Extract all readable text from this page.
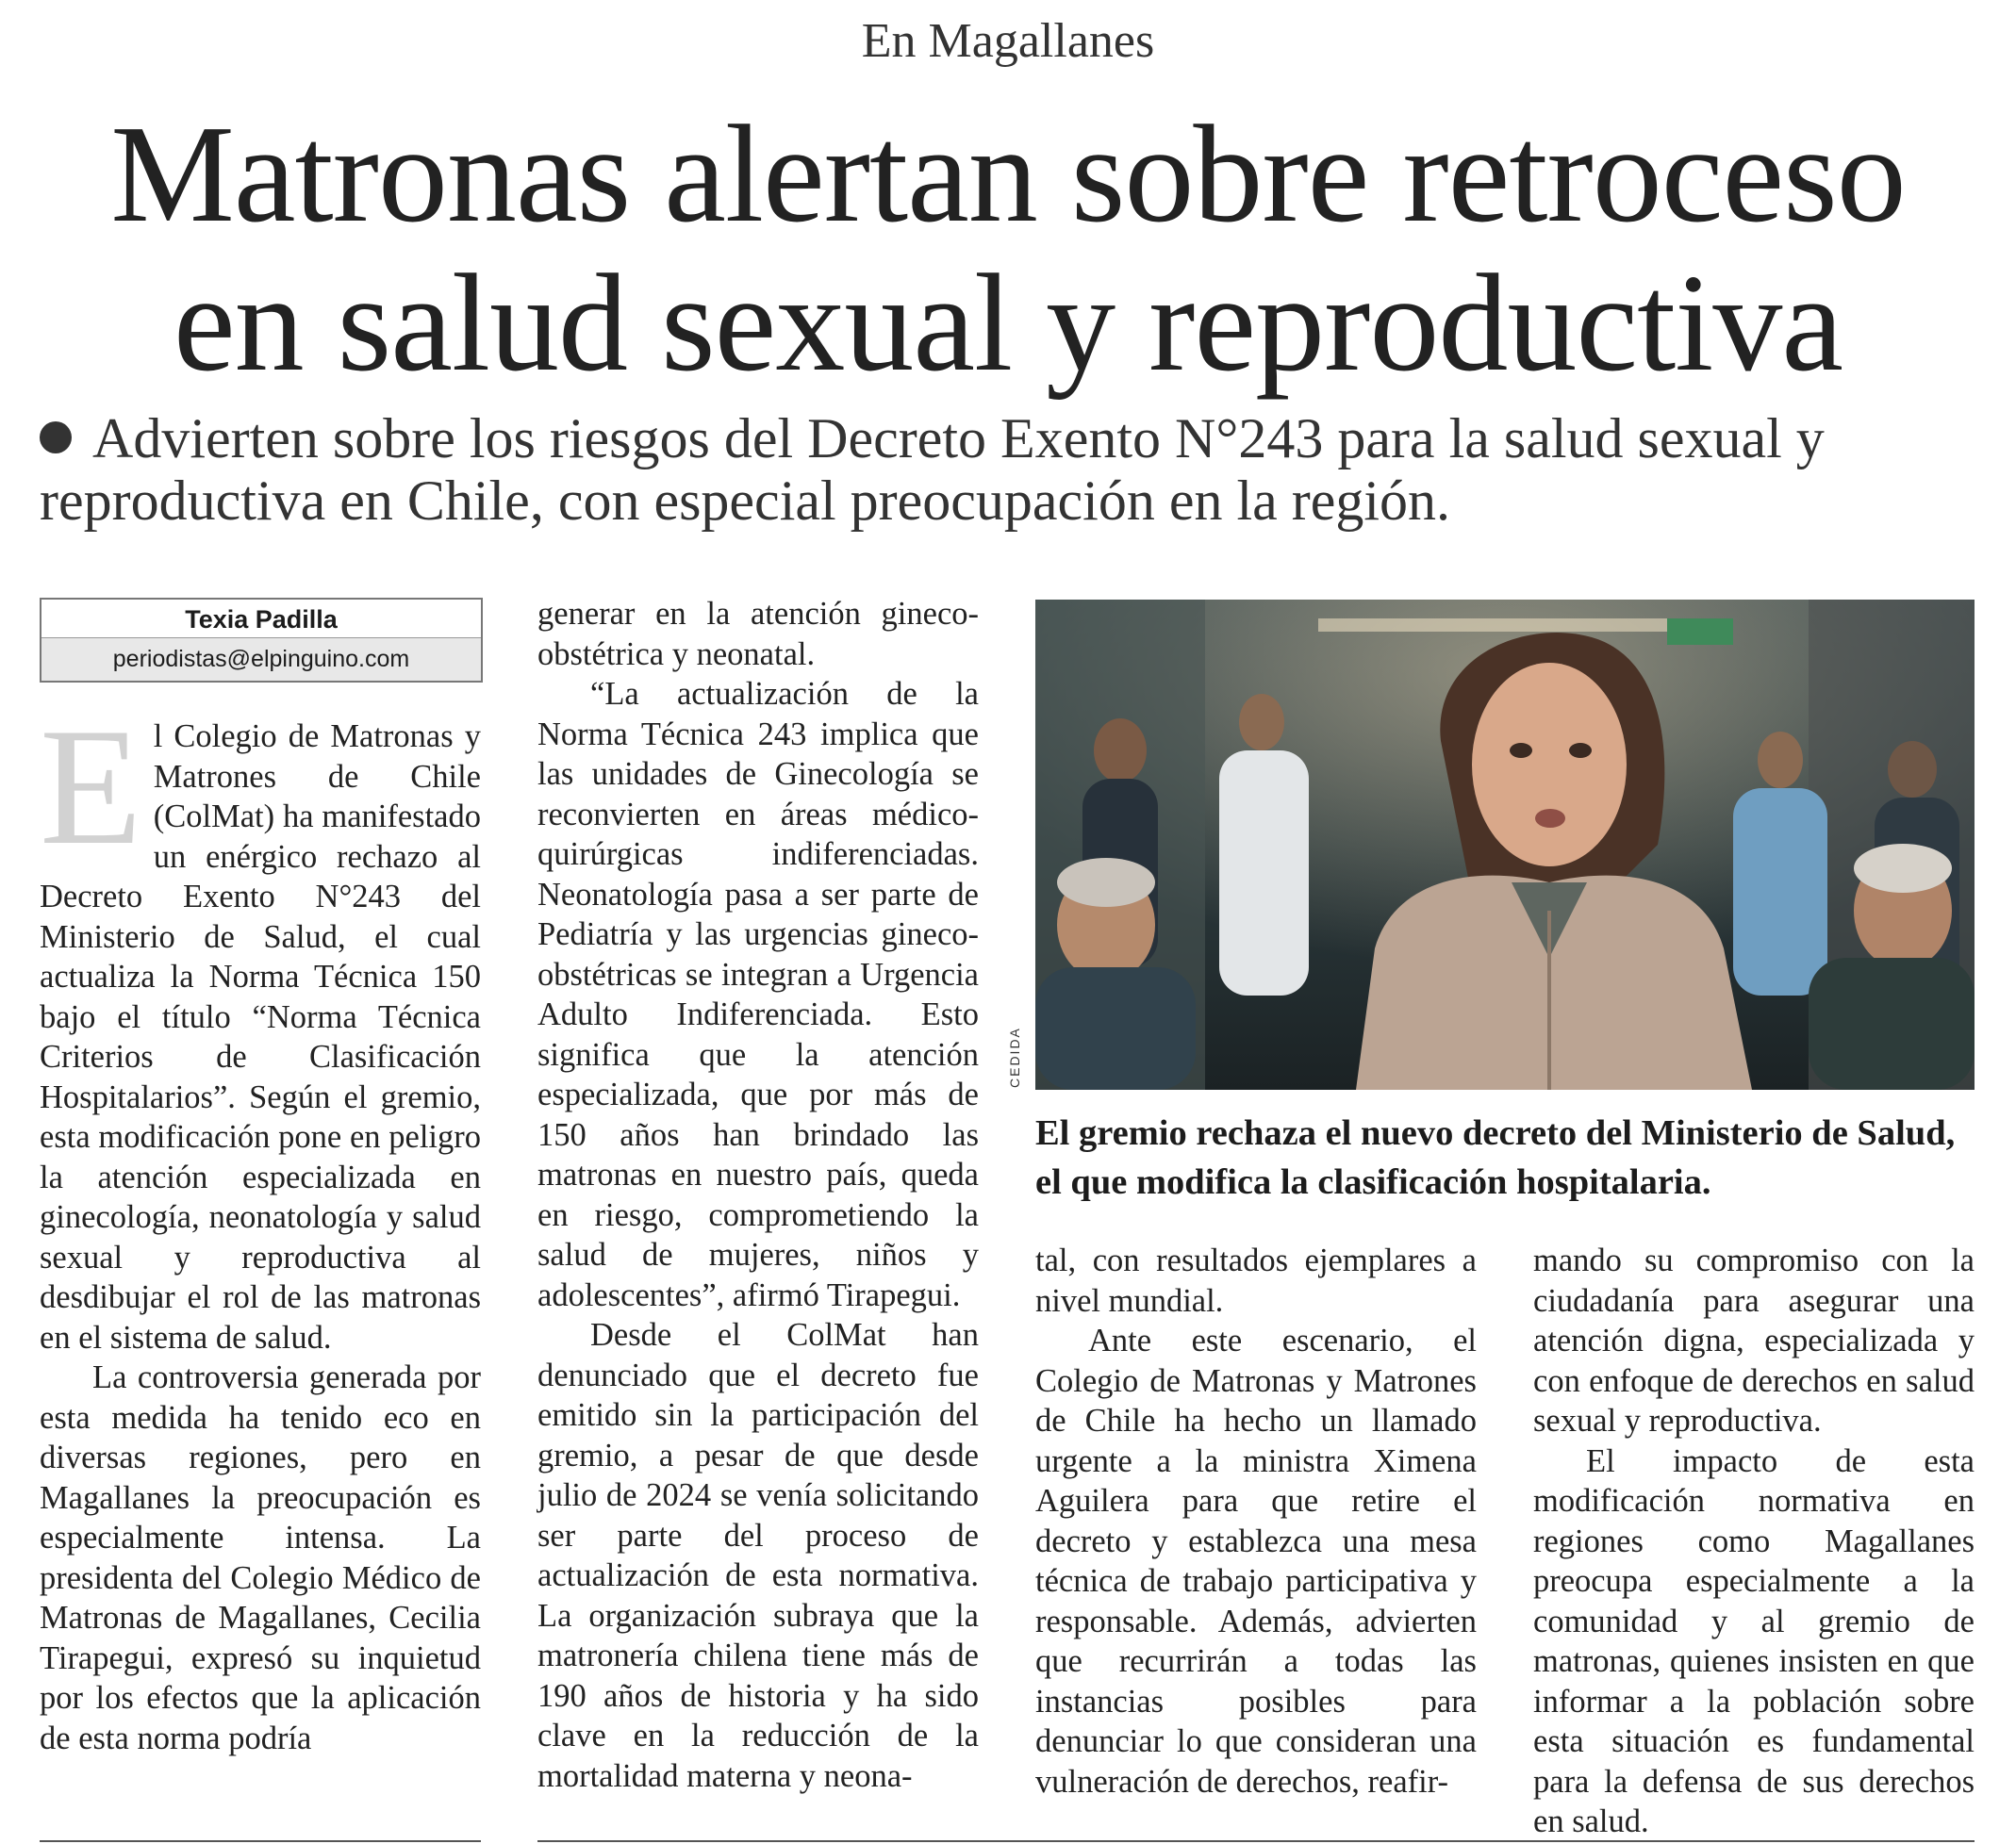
En Magallanes
Matronas alertan sobre retroceso
en salud sexual y reproductiva
Advierten sobre los riesgos del Decreto Exento N°243 para la salud sexual y reproductiva en Chile, con especial preocupación en la región.
Texia Padilla
periodistas@elpinguino.com

El Colegio de Matronas y Matrones de Chile (ColMat) ha manifestado un enérgico rechazo al Decreto Exento N°243 del Ministerio de Salud, el cual actualiza la Norma Técnica 150 bajo el título “Norma Técnica Criterios de Clasificación Hospitalarios”. Según el gremio, esta modificación pone en peligro la atención especializada en ginecología, neonatología y salud sexual y reproductiva al desdibujar el rol de las matronas en el sistema de salud.

La controversia generada por esta medida ha tenido eco en diversas regiones, pero en Magallanes la preocupación es especialmente intensa. La presidenta del Colegio Médico de Matronas de Magallanes, Cecilia Tirapegui, expresó su inquietud por los efectos que la aplicación de esta norma podría

generar en la atención gineco-obstétrica y neonatal.

“La actualización de la Norma Técnica 243 implica que las unidades de Ginecología se reconvierten en áreas médico-quirúrgicas indiferenciadas. Neonatología pasa a ser parte de Pediatría y las urgencias gineco-obstétricas se integran a Urgencia Adulto Indiferenciada. Esto significa que la atención especializada, que por más de 150 años han brindado las matronas en nuestro país, queda en riesgo, comprometiendo la salud de mujeres, niños y adolescentes”, afirmó Tirapegui.

Desde el ColMat han denunciado que el decreto fue emitido sin la participación del gremio, a pesar de que desde julio de 2024 se venía solicitando ser parte del proceso de actualización de esta normativa. La organización subraya que la matronería chilena tiene más de 190 años de historia y ha sido clave en la reducción de la mortalidad materna y neona-

CEDIDA
El gremio rechaza el nuevo decreto del Ministerio de Salud, el que modifica la clasificación hospitalaria.

tal, con resultados ejemplares a nivel mundial.

Ante este escenario, el Colegio de Matronas y Matrones de Chile ha hecho un llamado urgente a la ministra Ximena Aguilera para que retire el decreto y establezca una mesa técnica de trabajo participativa y responsable. Además, advierten que recurrirán a todas las instancias posibles para denunciar lo que consideran una vulneración de derechos, reafir-

mando su compromiso con la ciudadanía para asegurar una atención digna, especializada y con enfoque de derechos en salud sexual y reproductiva.

El impacto de esta modificación normativa en regiones como Magallanes preocupa especialmente a la comunidad y al gremio de matronas, quienes insisten en que informar a la población sobre esta situación es fundamental para la defensa de sus derechos en salud.
